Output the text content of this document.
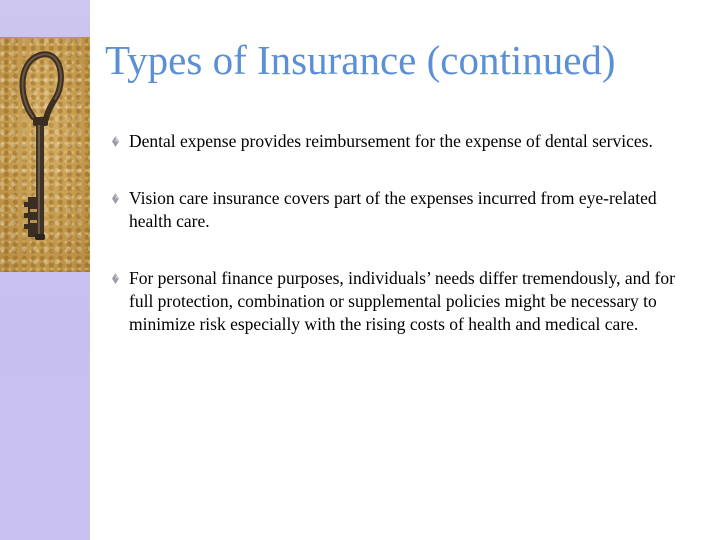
Types of Insurance (continued)
Dental expense provides reimbursement for the expense of dental services.
Vision care insurance covers part of the expenses incurred from eye-related health care.
For personal finance purposes, individuals’ needs differ tremendously, and for full protection, combination or supplemental policies might be necessary to minimize risk especially with the rising costs of health and medical care.
